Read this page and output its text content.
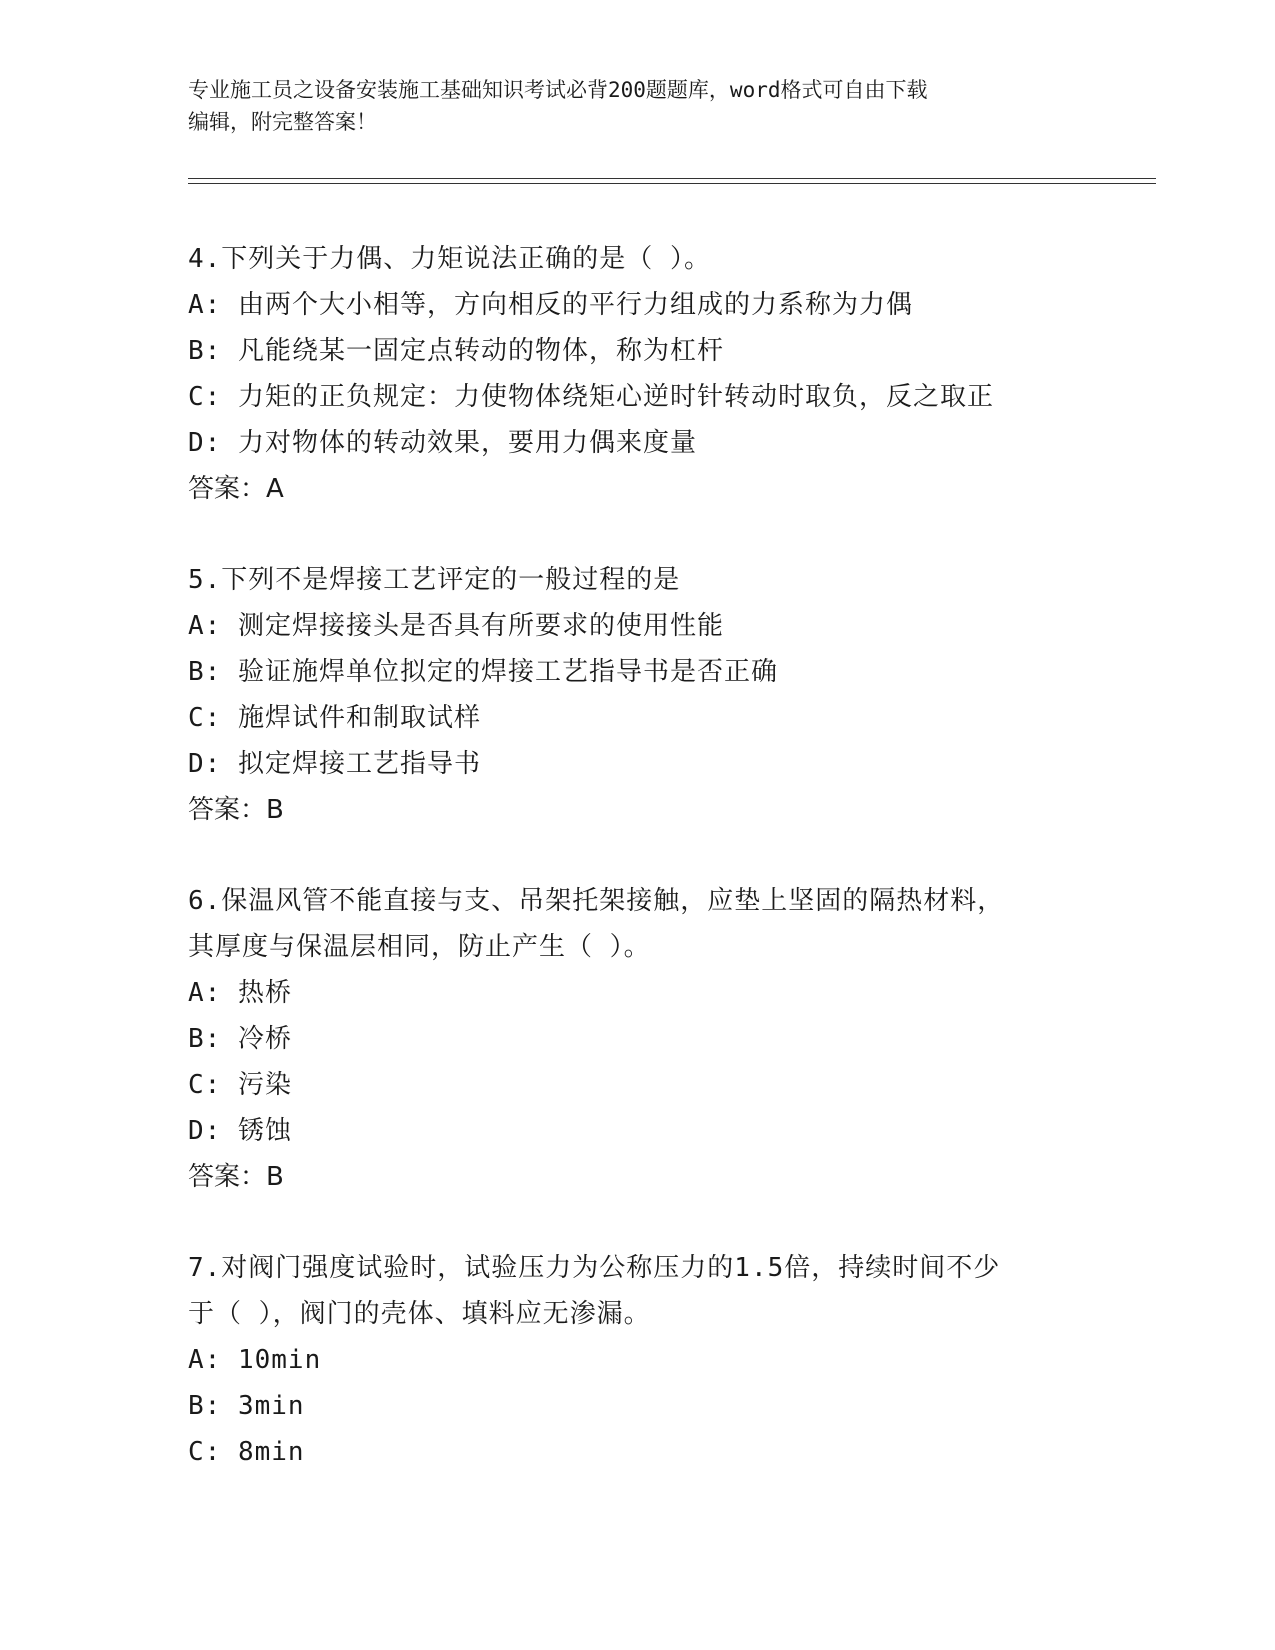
专业施工员之设备安装施工基础知识考试必背200题题库，word格式可自由下载
编辑，附完整答案！
4.下列关于力偶、力矩说法正确的是（ ）。
A: 由两个大小相等，方向相反的平行力组成的力系称为力偶
B: 凡能绕某一固定点转动的物体，称为杠杆
C: 力矩的正负规定：力使物体绕矩心逆时针转动时取负，反之取正
D: 力对物体的转动效果，要用力偶来度量
答案：A
5.下列不是焊接工艺评定的一般过程的是
A: 测定焊接接头是否具有所要求的使用性能
B: 验证施焊单位拟定的焊接工艺指导书是否正确
C: 施焊试件和制取试样
D: 拟定焊接工艺指导书
答案：B
6.保温风管不能直接与支、吊架托架接触，应垫上坚固的隔热材料，
其厚度与保温层相同，防止产生（ ）。
A: 热桥
B: 冷桥
C: 污染
D: 锈蚀
答案：B
7.对阀门强度试验时，试验压力为公称压力的1.5倍，持续时间不少
于（ ），阀门的壳体、填料应无渗漏。
A: 10min
B: 3min
C: 8min
